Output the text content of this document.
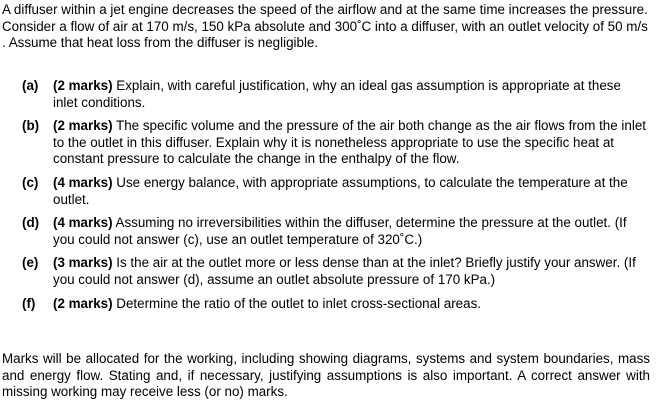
A diffuser within a jet engine decreases the speed of the airflow and at the same time increases the pressure. Consider a flow of air at 170 m/s, 150 kPa absolute and 300˚C into a diffuser, with an outlet velocity of 50 m/s . Assume that heat loss from the diffuser is negligible.

(a) (2 marks) Explain, with careful justification, why an ideal gas assumption is appropriate at these inlet conditions.
(b) (2 marks) The specific volume and the pressure of the air both change as the air flows from the inlet to the outlet in this diffuser. Explain why it is nonetheless appropriate to use the specific heat at constant pressure to calculate the change in the enthalpy of the flow.
(c) (4 marks) Use energy balance, with appropriate assumptions, to calculate the temperature at the outlet.
(d) (4 marks) Assuming no irreversibilities within the diffuser, determine the pressure at the outlet. (If you could not answer (c), use an outlet temperature of 320˚C.)
(e) (3 marks) Is the air at the outlet more or less dense than at the inlet? Briefly justify your answer. (If you could not answer (d), assume an outlet absolute pressure of 170 kPa.)
(f) (2 marks) Determine the ratio of the outlet to inlet cross-sectional areas.

Marks will be allocated for the working, including showing diagrams, systems and system boundaries, mass and energy flow. Stating and, if necessary, justifying assumptions is also important. A correct answer with missing working may receive less (or no) marks.
